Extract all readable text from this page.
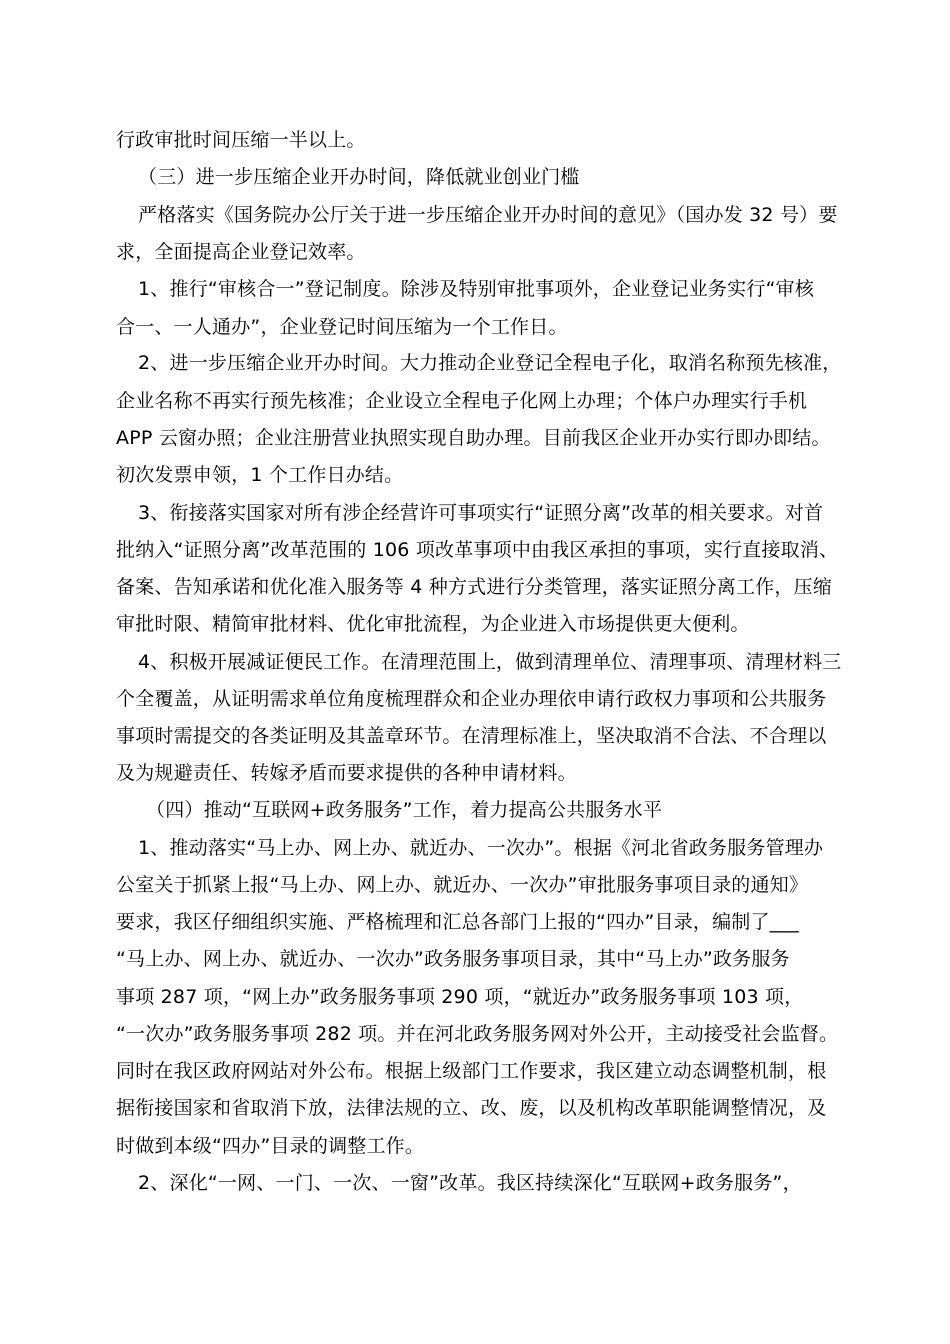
行政审批时间压缩一半以上。
（三）进一步压缩企业开办时间，降低就业创业门槛
严格落实《国务院办公厅关于进一步压缩企业开办时间的意见》（国办发 32 号）要
求，全面提高企业登记效率。
1、推行“审核合一”登记制度。除涉及特别审批事项外，企业登记业务实行“审核
合一、一人通办”，企业登记时间压缩为一个工作日。
2、进一步压缩企业开办时间。大力推动企业登记全程电子化，取消名称预先核准，
企业名称不再实行预先核准；企业设立全程电子化网上办理；个体户办理实行手机
APP 云窗办照；企业注册营业执照实现自助办理。目前我区企业开办实行即办即结。
初次发票申领，1 个工作日办结。
3、衔接落实国家对所有涉企经营许可事项实行“证照分离”改革的相关要求。对首
批纳入“证照分离”改革范围的 106 项改革事项中由我区承担的事项，实行直接取消、
备案、告知承诺和优化准入服务等 4 种方式进行分类管理，落实证照分离工作，压缩
审批时限、精简审批材料、优化审批流程，为企业进入市场提供更大便利。
4、积极开展减证便民工作。在清理范围上，做到清理单位、清理事项、清理材料三
个全覆盖，从证明需求单位角度梳理群众和企业办理依申请行政权力事项和公共服务
事项时需提交的各类证明及其盖章环节。在清理标准上，坚决取消不合法、不合理以
及为规避责任、转嫁矛盾而要求提供的各种申请材料。
（四）推动“互联网+政务服务”工作，着力提高公共服务水平
1、推动落实“马上办、网上办、就近办、一次办”。根据《河北省政务服务管理办
公室关于抓紧上报“马上办、网上办、就近办、一次办”审批服务事项目录的通知》
要求，我区仔细组织实施、严格梳理和汇总各部门上报的“四办”目录，编制了___
“马上办、网上办、就近办、一次办”政务服务事项目录，其中“马上办”政务服务
事项 287 项，“网上办”政务服务事项 290 项，“就近办”政务服务事项 103 项，
“一次办”政务服务事项 282 项。并在河北政务服务网对外公开，主动接受社会监督。
同时在我区政府网站对外公布。根据上级部门工作要求，我区建立动态调整机制，根
据衔接国家和省取消下放，法律法规的立、改、废，以及机构改革职能调整情况，及
时做到本级“四办”目录的调整工作。
2、深化“一网、一门、一次、一窗”改革。我区持续深化“互联网+政务服务”，
